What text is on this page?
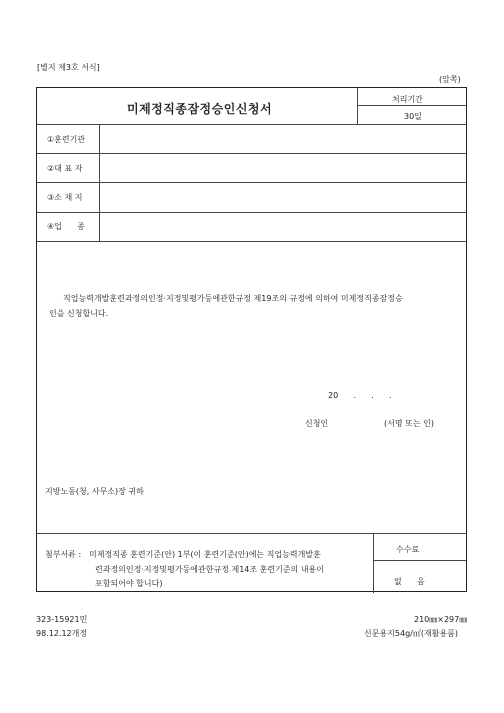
[별지 제3호 서식]
(앞쪽)
미제정직종잠정승인신청서
처리기간
30일
①훈련기관
②대 표 자
③소 재 지
④업      종
직업능력개발훈련과정의인정·지정및평가등에관한규정 제19조의 규정에 의하여 미제정직종잠정승
인을 신청합니다.
20      .      .      .
신청인	(서명 또는 인)
지방노동(청, 사무소)장 귀하
첨부서류 : 미제정직종 훈련기준(안) 1부(이 훈련기준(안)에는 직업능력개발훈
련과정의인정·지정및평가등에관한규정 제14조 훈련기준의 내용이
포함되어야 합니다)
수수료
없      음
323-15921민
98.12.12개정
210㎜×297㎜
신문용지54g/㎡(재활용품)
